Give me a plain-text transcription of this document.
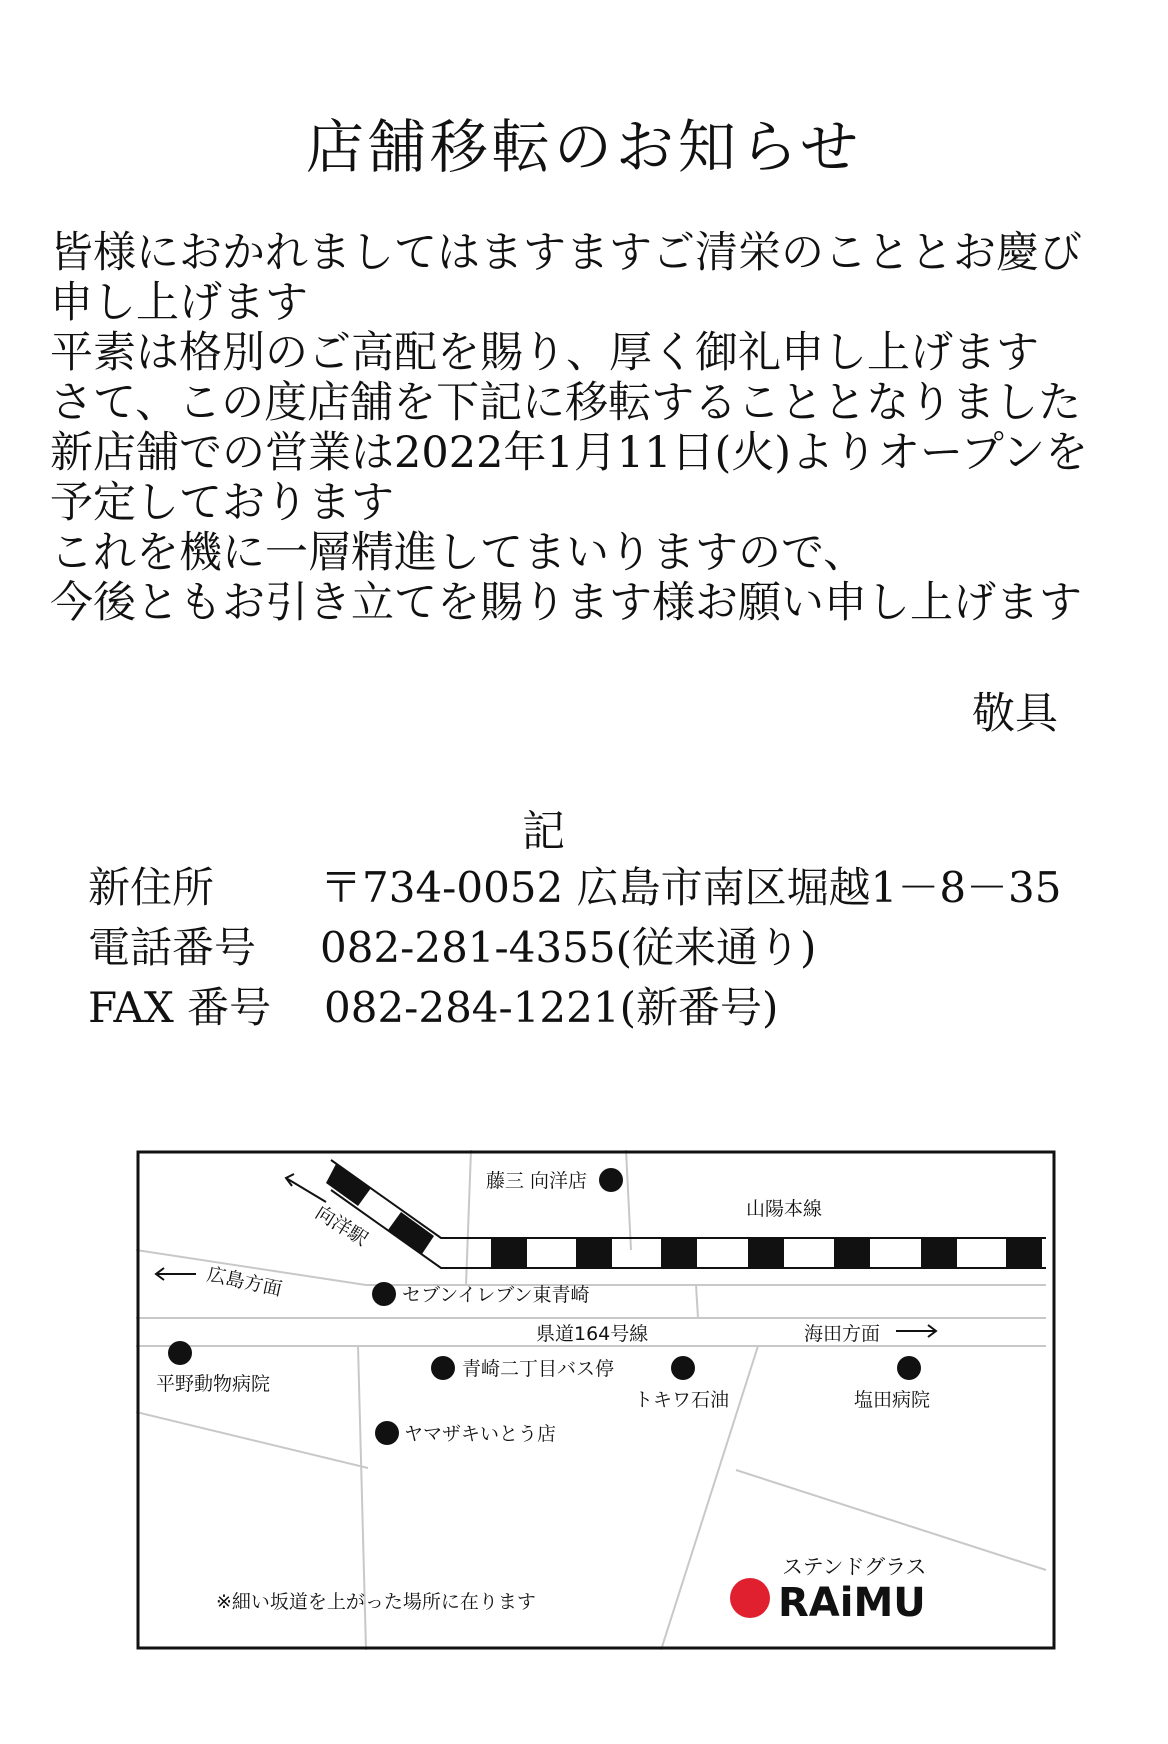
店舗移転のお知らせ
皆様におかれましてはますますご清栄のこととお慶び
申し上げます
平素は格別のご高配を賜り、厚く御礼申し上げます
さて、この度店舗を下記に移転することとなりました
新店舗での営業は2022年1月11日(火)よりオープンを
予定しております
これを機に一層精進してまいりますので、
今後ともお引き立てを賜ります様お願い申し上げます
敬具
記
新住所	〒734-0052 広島市南区堀越1－8－35
電話番号 082-281-4355(従来通り)
FAX 番号 082-284-1221(新番号)
藤三 向洋店
山陽本線
向洋駅
セブンイレブン東青崎
広島方面
県道164号線	海田方面
平野動物病院
青崎二丁目バス停
トキワ石油	塩田病院
ヤマザキいとう店
※細い坂道を上がった場所に在ります
ステンドグラス
RAiMU
